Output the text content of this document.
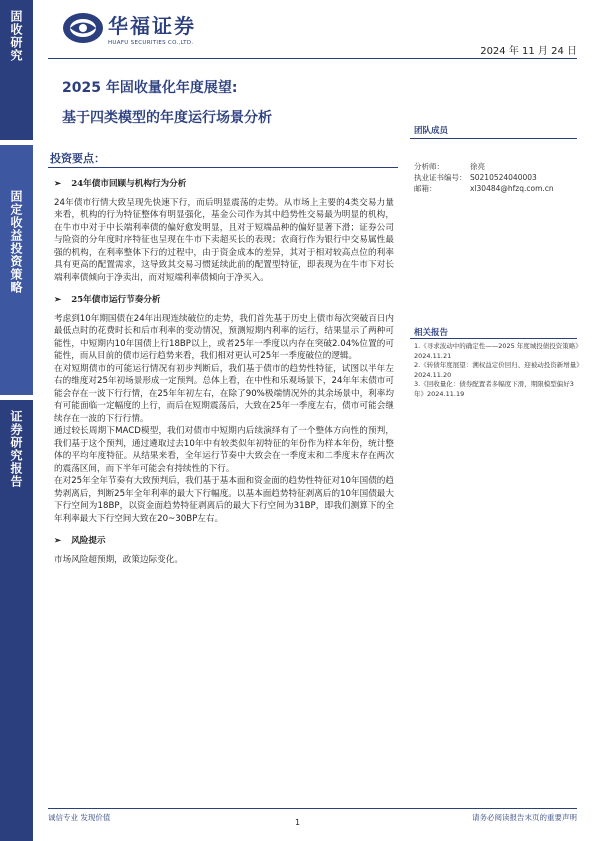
固收研究
固定收益投资策略
证券研究报告
华福证券
HUAFU SECURITIES CO.,LTD.
2024 年 11 月 24 日
2025 年固收量化年度展望:
基于四类模型的年度运行场景分析
团队成员
分析师：	徐亮
执业证书编号： S0210524040003
邮箱：	xl30484@hfzq.com.cn
相关报告
1.《寻求波动中的确定性——2025 年度城投债投资策略》2024.11.21
2.《转债年度展望：溯权益定价回归、迎被动投资新增量》2024.11.20
3.《回收量化：债券配置者多幅度下滑，期限模型偏好3年》2024.11.19
投资要点：
➢ 24年债市回顾与机构行为分析
24年债市行情大致呈现先快速下行，而后明显震荡的走势。从市场上主要的4类交易力量来看，机构的行为特征整体有明显强化，基金公司作为其中趋势性交易最为明显的机构，在牛市中对于中长端利率债的偏好愈发明显，且对于短端品种的偏好显著下滑；证券公司与险资的分年度时序特征也呈现在牛市下卖超买长的表现；农商行作为银行中交易属性最强的机构，在利率整体下行的过程中，由于资金成本的差异，其对于相对较高点位的利率具有更高的配置需求，这导致其交易习惯延续此前的配置型特征，即表现为在牛市下对长端利率债倾向于净卖出，而对短端利率债倾向于净买入。
➢ 25年债市运行节奏分析
考虑到10年期国债在24年出现连续破位的走势，我们首先基于历史上债市每次突破百日内最低点时的花费时长和后市利率的变动情况，预测短期内利率的运行，结果显示了两种可能性，中短期内10年国债上行18BP以上，或者25年一季度以内存在突破2.04%位置的可能性，而从目前的债市运行趋势来看，我们相对更认可25年一季度破位的逻辑。
在对短期债市的可能运行情况有初步判断后，我们基于债市的趋势性特征，试图以半年左右的维度对25年初场景形成一定预判。总体上看，在中性和乐观场景下，24年年末债市可能会存在一波下行行情，在25年年初左右，在除了90%极端情况外的其余场景中，利率均有可能面临一定幅度的上行，而后在短期震荡后，大致在25年一季度左右，债市可能会继续存在一波的下行行情。
通过较长周期下MACD模型，我们对债市中短期内后续演绎有了一个整体方向性的预判，我们基于这个预判，通过遴取过去10年中有较类似年初特征的年份作为样本年份，统计整体的平均年度特征。从结果来看，全年运行节奏中大致会在一季度末和二季度末存在两次的震荡区间，而下半年可能会有持续性的下行。
在对25年全年节奏有大致预判后，我们基于基本面和资金面的趋势性特征对10年国债的趋势剥离后，判断25年全年利率的最大下行幅度。以基本面趋势特征剥离后的10年国债最大下行空间为18BP，以资金面趋势特征剥离后的最大下行空间为31BP，即我们测算下的全年利率最大下行空间大致在20~30BP左右。
➢ 风险提示
市场风险超预期，政策边际变化。
诚信专业 发现价值
1
请务必阅读报告末页的重要声明
